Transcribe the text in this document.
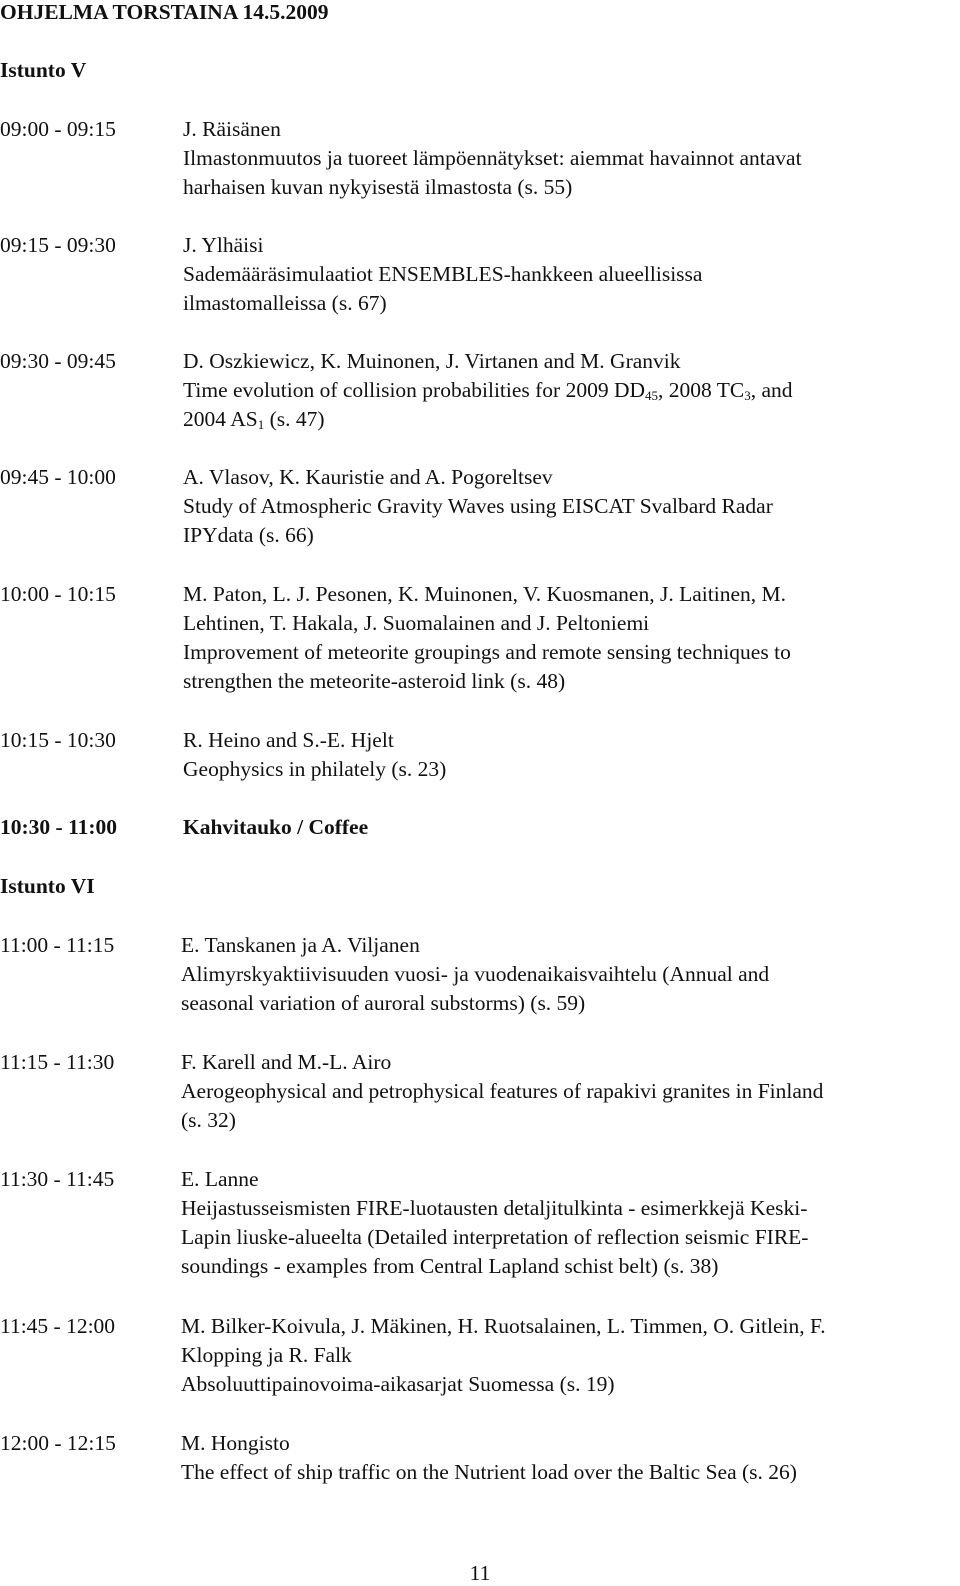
OHJELMA TORSTAINA 14.5.2009
Istunto V
09:00 - 09:15	J. Räisänen
Ilmastonmuutos ja tuoreet lämpöennätykset: aiemmat havainnot antavat
harhaisen kuvan nykyisestä ilmastosta (s. 55)
09:15 - 09:30	J. Ylhäisi
Sademääräsimulaatiot ENSEMBLES-hankkeen alueellisissa
ilmastomalleissa (s. 67)
09:30 - 09:45	D. Oszkiewicz, K. Muinonen, J. Virtanen and M. Granvik
Time evolution of collision probabilities for 2009 $DD_{45}$, 2008 $TC_3$, and
2004 $AS_1$ (s. 47)
09:45 - 10:00	A. Vlasov, K. Kauristie and A. Pogoreltsev
Study of Atmospheric Gravity Waves using EISCAT Svalbard Radar
IPYdata (s. 66)
10:00 - 10:15	M. Paton, L. J. Pesonen, K. Muinonen, V. Kuosmanen, J. Laitinen, M.
Lehtinen, T. Hakala, J. Suomalainen and J. Peltoniemi
Improvement of meteorite groupings and remote sensing techniques to
strengthen the meteorite-asteroid link (s. 48)
10:15 - 10:30	R. Heino and S.-E. Hjelt
Geophysics in philately (s. 23)
10:30 - 11:00	Kahvitauko / Coffee
Istunto VI
11:00 - 11:15	E. Tanskanen ja A. Viljanen
Alimyrskyaktiivisuuden vuosi- ja vuodenaikaisvaihtelu (Annual and
seasonal variation of auroral substorms) (s. 59)
11:15 - 11:30	F. Karell and M.-L. Airo
Aerogeophysical and petrophysical features of rapakivi granites in Finland
(s. 32)
11:30 - 11:45	E. Lanne
Heijastusseismisten FIRE-luotausten detaljitulkinta - esimerkkejä Keski-
Lapin liuske-alueelta (Detailed interpretation of reflection seismic FIRE-
soundings - examples from Central Lapland schist belt) (s. 38)
11:45 - 12:00	M. Bilker-Koivula, J. Mäkinen, H. Ruotsalainen, L. Timmen, O. Gitlein, F.
Klopping ja R. Falk
Absoluuttipainovoima-aikasarjat Suomessa (s. 19)
12:00 - 12:15	M. Hongisto
The effect of ship traffic on the Nutrient load over the Baltic Sea (s. 26)
11
